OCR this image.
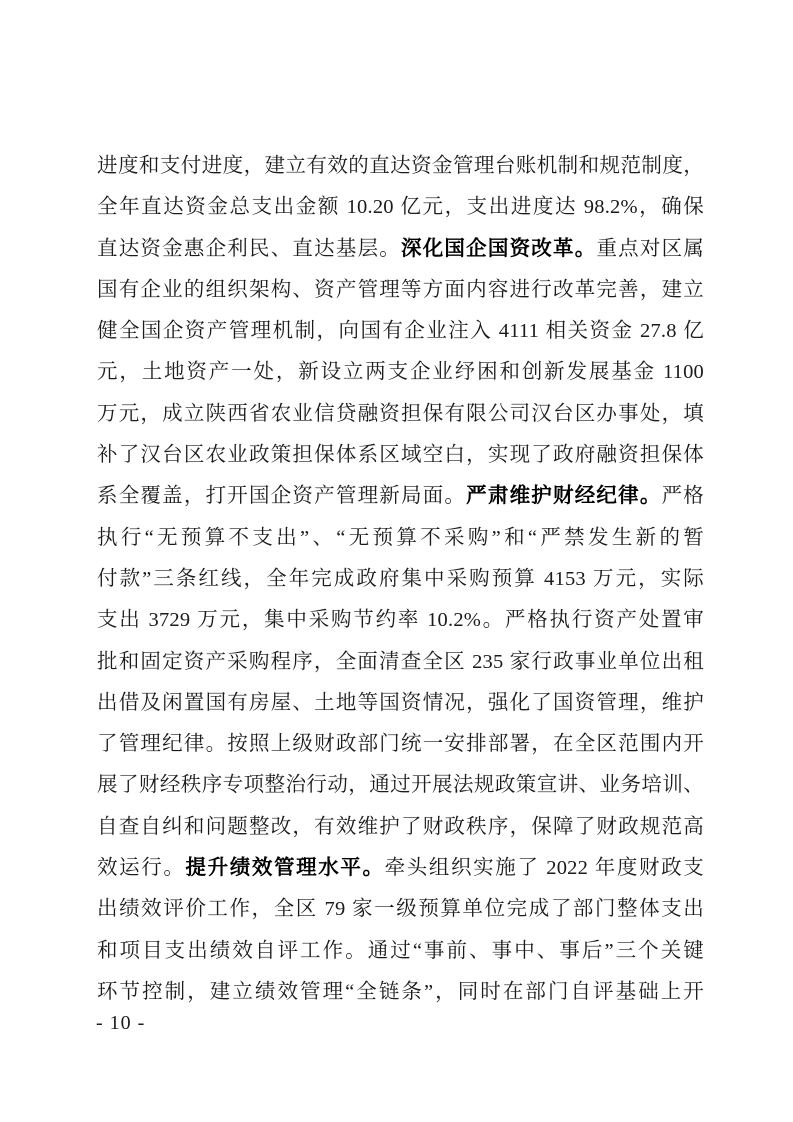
进度和支付进度，建立有效的直达资金管理台账机制和规范制度，
全年直达资金总支出金额 10.20 亿元，支出进度达 98.2%，确保
直达资金惠企利民、直达基层。深化国企国资改革。重点对区属
国有企业的组织架构、资产管理等方面内容进行改革完善，建立
健全国企资产管理机制，向国有企业注入 4111 相关资金 27.8 亿
元，土地资产一处，新设立两支企业纾困和创新发展基金 1100
万元，成立陕西省农业信贷融资担保有限公司汉台区办事处，填
补了汉台区农业政策担保体系区域空白，实现了政府融资担保体
系全覆盖，打开国企资产管理新局面。严肃维护财经纪律。严格
执行“无预算不支出”、“无预算不采购”和“严禁发生新的暂
付款”三条红线，全年完成政府集中采购预算 4153 万元，实际
支出 3729 万元，集中采购节约率 10.2%。严格执行资产处置审
批和固定资产采购程序，全面清查全区 235 家行政事业单位出租
出借及闲置国有房屋、土地等国资情况，强化了国资管理，维护
了管理纪律。按照上级财政部门统一安排部署，在全区范围内开
展了财经秩序专项整治行动，通过开展法规政策宣讲、业务培训、
自查自纠和问题整改，有效维护了财政秩序，保障了财政规范高
效运行。提升绩效管理水平。牵头组织实施了 2022 年度财政支
出绩效评价工作，全区 79 家一级预算单位完成了部门整体支出
和项目支出绩效自评工作。通过“事前、事中、事后”三个关键
环节控制，建立绩效管理“全链条”，同时在部门自评基础上开
- 10 -
